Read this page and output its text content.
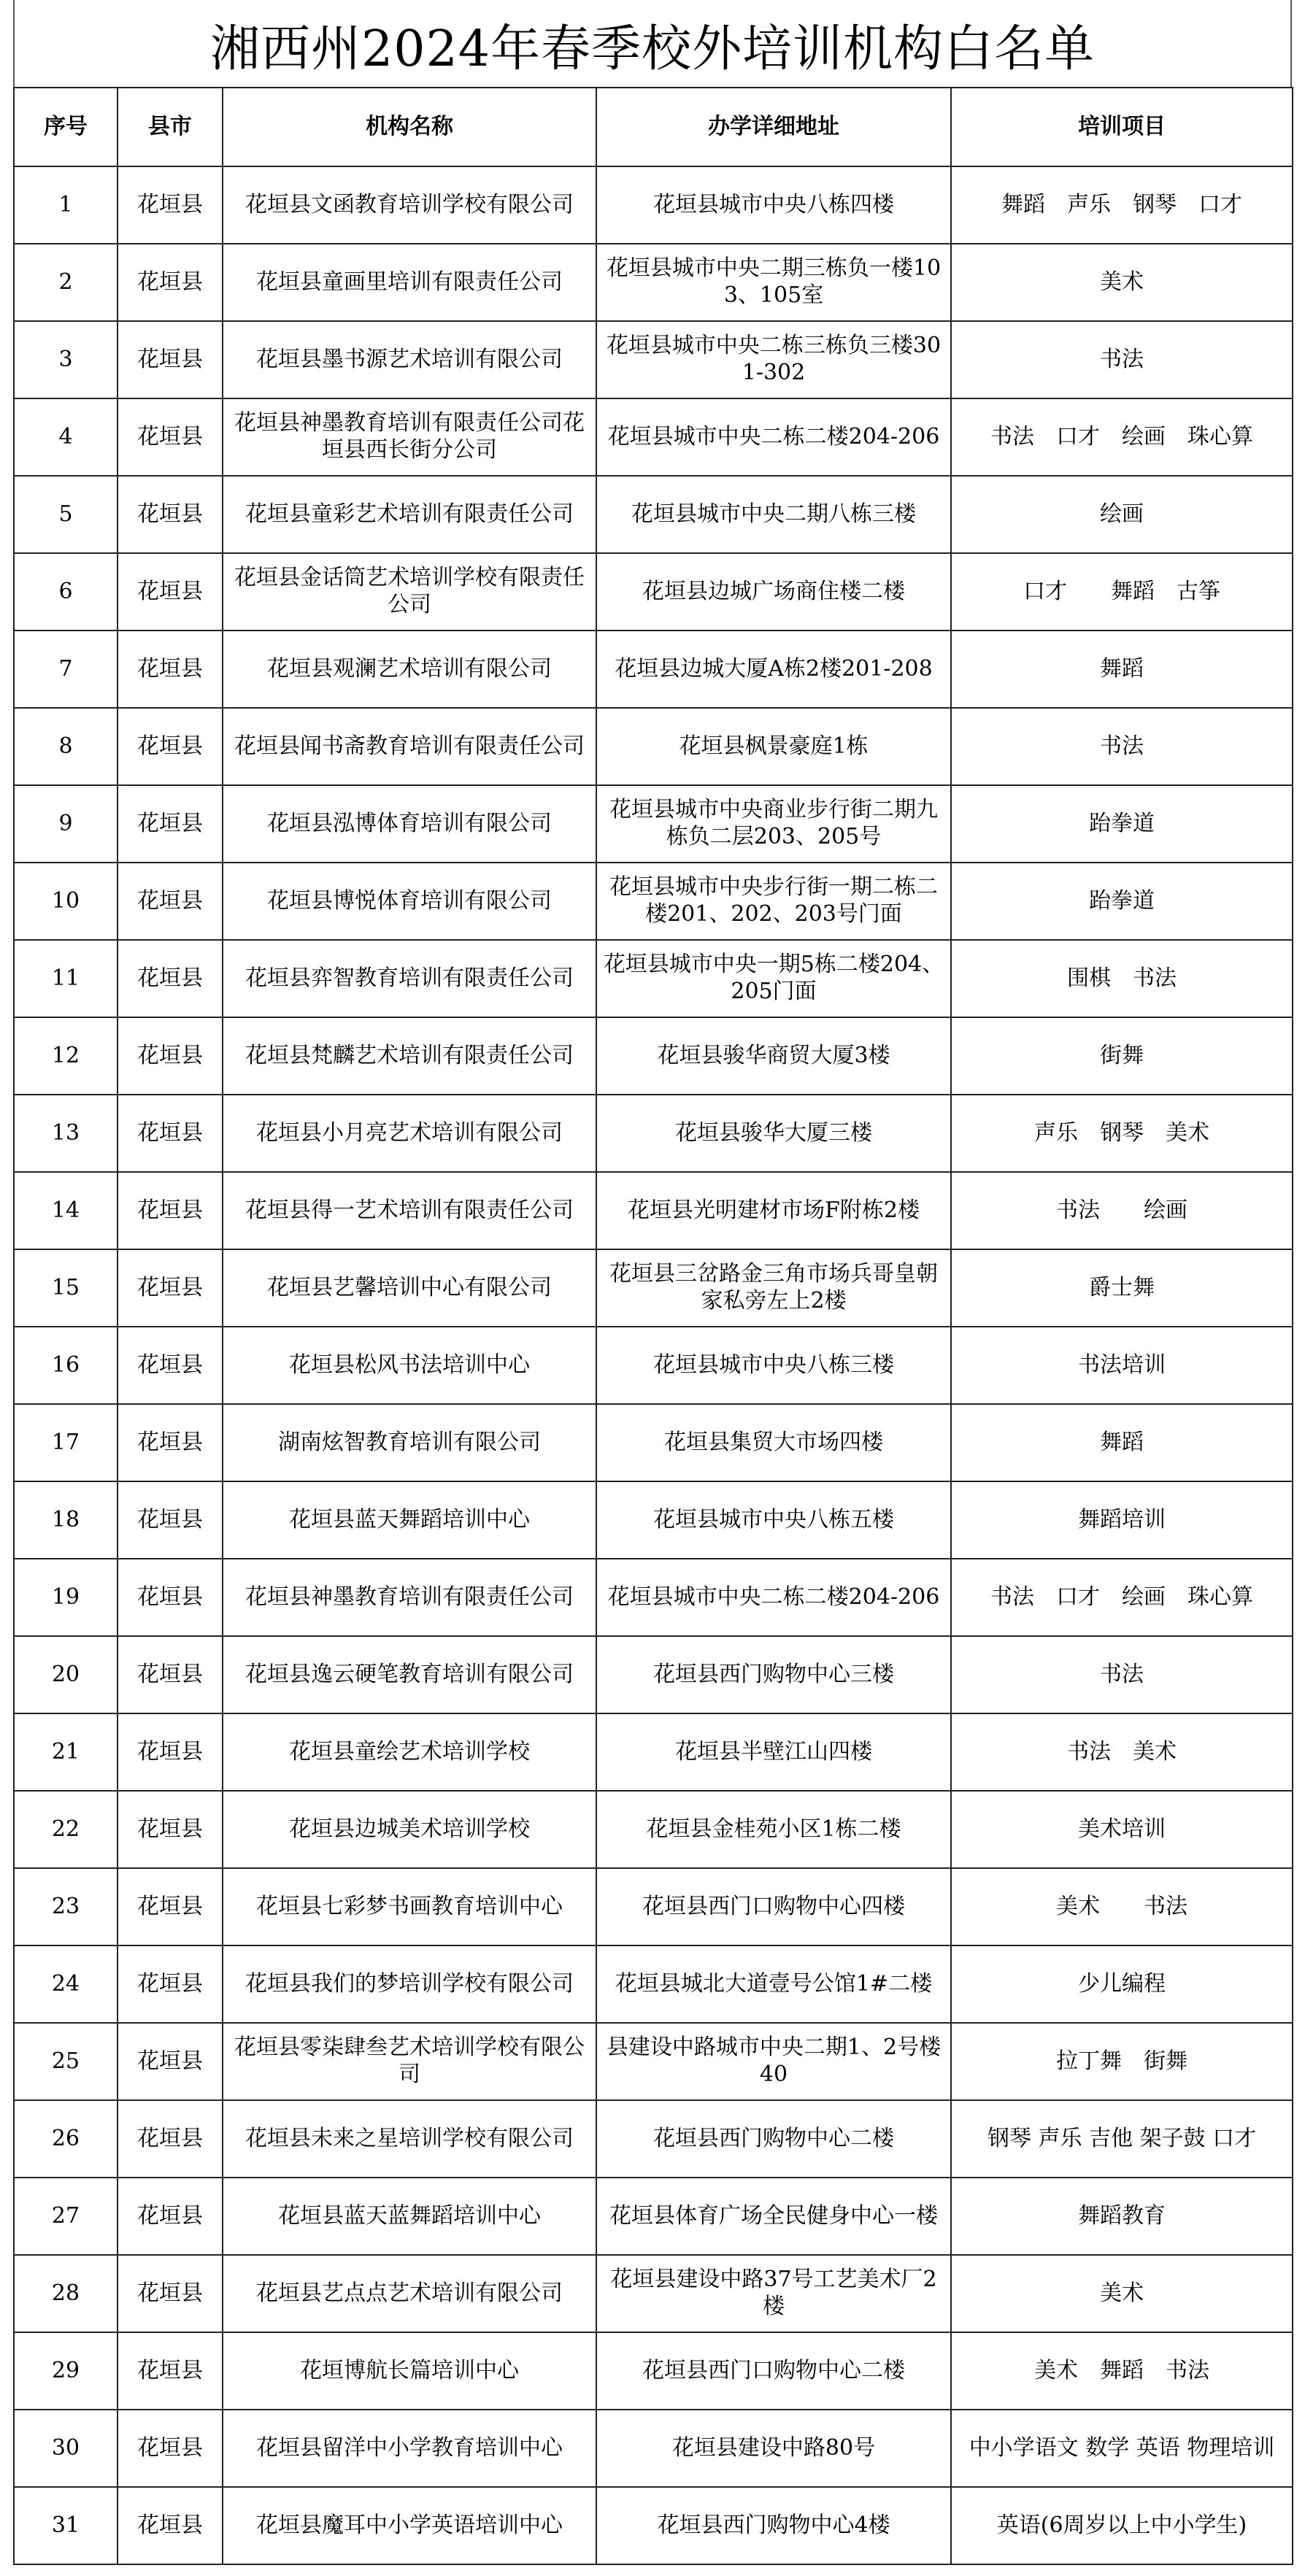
湘西州2024年春季校外培训机构白名单
序号	县市	机构名称	办学详细地址	培训项目
1	花垣县	花垣县文函教育培训学校有限公司	花垣县城市中央八栋四楼	舞蹈　声乐　钢琴　口才
2	花垣县	花垣县童画里培训有限责任公司	花垣县城市中央二期三栋负一楼103、105室	美术
3	花垣县	花垣县墨书源艺术培训有限公司	花垣县城市中央二栋三栋负三楼301-302	书法
4	花垣县	花垣县神墨教育培训有限责任公司花垣县西长街分公司	花垣县城市中央二栋二楼204-206	书法　口才　绘画　珠心算
5	花垣县	花垣县童彩艺术培训有限责任公司	花垣县城市中央二期八栋三楼	绘画
6	花垣县	花垣县金话筒艺术培训学校有限责任公司	花垣县边城广场商住楼二楼	口才　　舞蹈　古筝
7	花垣县	花垣县观澜艺术培训有限公司	花垣县边城大厦A栋2楼201-208	舞蹈
8	花垣县	花垣县闻书斋教育培训有限责任公司	花垣县枫景豪庭1栋	书法
9	花垣县	花垣县泓博体育培训有限公司	花垣县城市中央商业步行街二期九栋负二层203、205号	跆拳道
10	花垣县	花垣县博悦体育培训有限公司	花垣县城市中央步行街一期二栋二楼201、202、203号门面	跆拳道
11	花垣县	花垣县弈智教育培训有限责任公司	花垣县城市中央一期5栋二楼204、205门面	围棋　书法
12	花垣县	花垣县梵麟艺术培训有限责任公司	花垣县骏华商贸大厦3楼	街舞
13	花垣县	花垣县小月亮艺术培训有限公司	花垣县骏华大厦三楼	声乐　钢琴　美术
14	花垣县	花垣县得一艺术培训有限责任公司	花垣县光明建材市场F附栋2楼	书法　　绘画
15	花垣县	花垣县艺馨培训中心有限公司	花垣县三岔路金三角市场兵哥皇朝家私旁左上2楼	爵士舞
16	花垣县	花垣县松风书法培训中心	花垣县城市中央八栋三楼	书法培训
17	花垣县	湖南炫智教育培训有限公司	花垣县集贸大市场四楼	舞蹈
18	花垣县	花垣县蓝天舞蹈培训中心	花垣县城市中央八栋五楼	舞蹈培训
19	花垣县	花垣县神墨教育培训有限责任公司	花垣县城市中央二栋二楼204-206	书法　口才　绘画　珠心算
20	花垣县	花垣县逸云硬笔教育培训有限公司	花垣县西门购物中心三楼	书法
21	花垣县	花垣县童绘艺术培训学校	花垣县半壁江山四楼	书法　美术
22	花垣县	花垣县边城美术培训学校	花垣县金桂苑小区1栋二楼	美术培训
23	花垣县	花垣县七彩梦书画教育培训中心	花垣县西门口购物中心四楼	美术　　书法
24	花垣县	花垣县我们的梦培训学校有限公司	花垣县城北大道壹号公馆1#二楼	少儿编程
25	花垣县	花垣县零柒肆叁艺术培训学校有限公司	县建设中路城市中央二期1、2号楼40	拉丁舞　街舞
26	花垣县	花垣县未来之星培训学校有限公司	花垣县西门购物中心二楼	钢琴 声乐 吉他 架子鼓 口才
27	花垣县	花垣县蓝天蓝舞蹈培训中心	花垣县体育广场全民健身中心一楼	舞蹈教育
28	花垣县	花垣县艺点点艺术培训有限公司	花垣县建设中路37号工艺美术厂2楼	美术
29	花垣县	花垣博航长篇培训中心	花垣县西门口购物中心二楼	美术　舞蹈　书法
30	花垣县	花垣县留洋中小学教育培训中心	花垣县建设中路80号	中小学语文 数学 英语 物理培训
31	花垣县	花垣县魔耳中小学英语培训中心	花垣县西门购物中心4楼	英语(6周岁以上中小学生)
